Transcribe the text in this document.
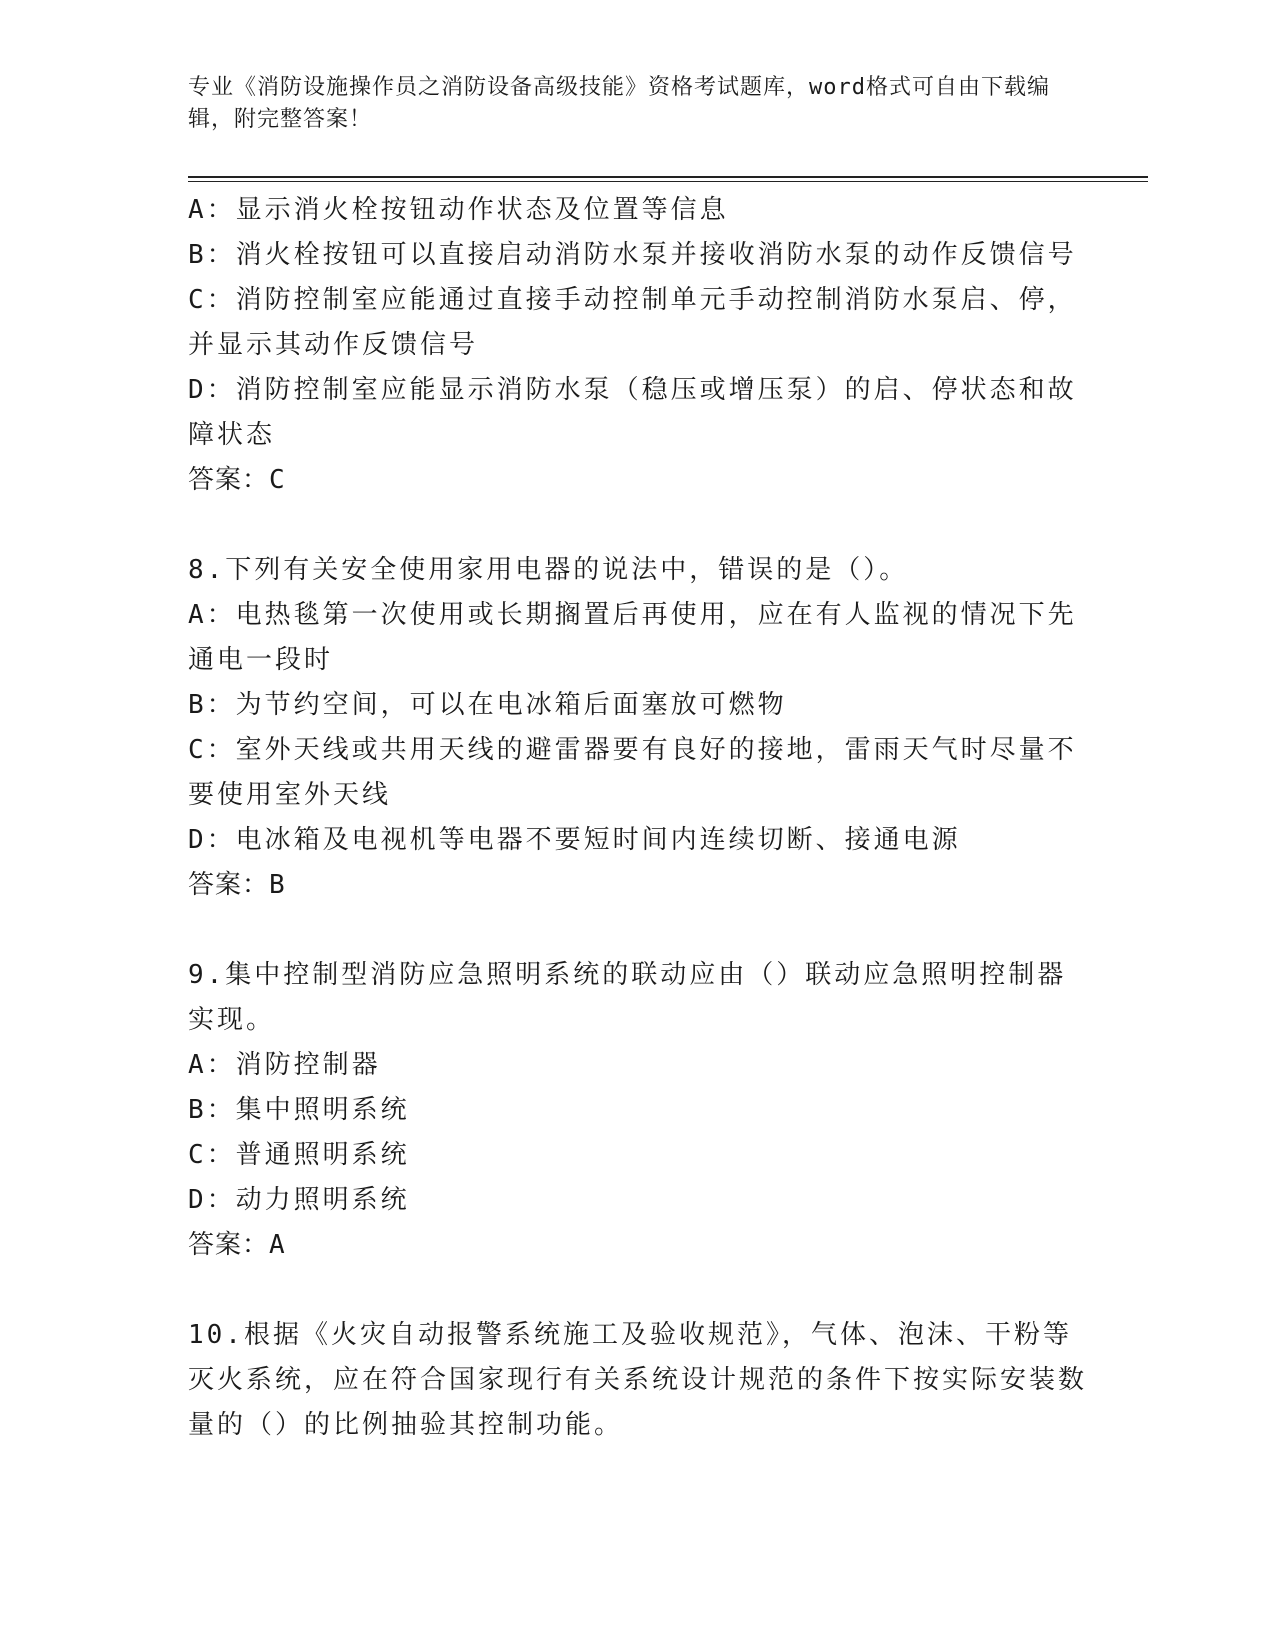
专业《消防设施操作员之消防设备高级技能》资格考试题库，word格式可自由下载编辑，附完整答案！

A：显示消火栓按钮动作状态及位置等信息

B：消火栓按钮可以直接启动消防水泵并接收消防水泵的动作反馈信号

C：消防控制室应能通过直接手动控制单元手动控制消防水泵启、停，并显示其动作反馈信号

D：消防控制室应能显示消防水泵（稳压或增压泵）的启、停状态和故障状态

答案：C

8.下列有关安全使用家用电器的说法中，错误的是（）。

A：电热毯第一次使用或长期搁置后再使用，应在有人监视的情况下先通电一段时

B：为节约空间，可以在电冰箱后面塞放可燃物

C：室外天线或共用天线的避雷器要有良好的接地，雷雨天气时尽量不要使用室外天线

D：电冰箱及电视机等电器不要短时间内连续切断、接通电源

答案：B

9.集中控制型消防应急照明系统的联动应由（）联动应急照明控制器实现。

A：消防控制器

B：集中照明系统

C：普通照明系统

D：动力照明系统

答案：A

10.根据《火灾自动报警系统施工及验收规范》，气体、泡沫、干粉等灭火系统，应在符合国家现行有关系统设计规范的条件下按实际安装数量的（）的比例抽验其控制功能。
